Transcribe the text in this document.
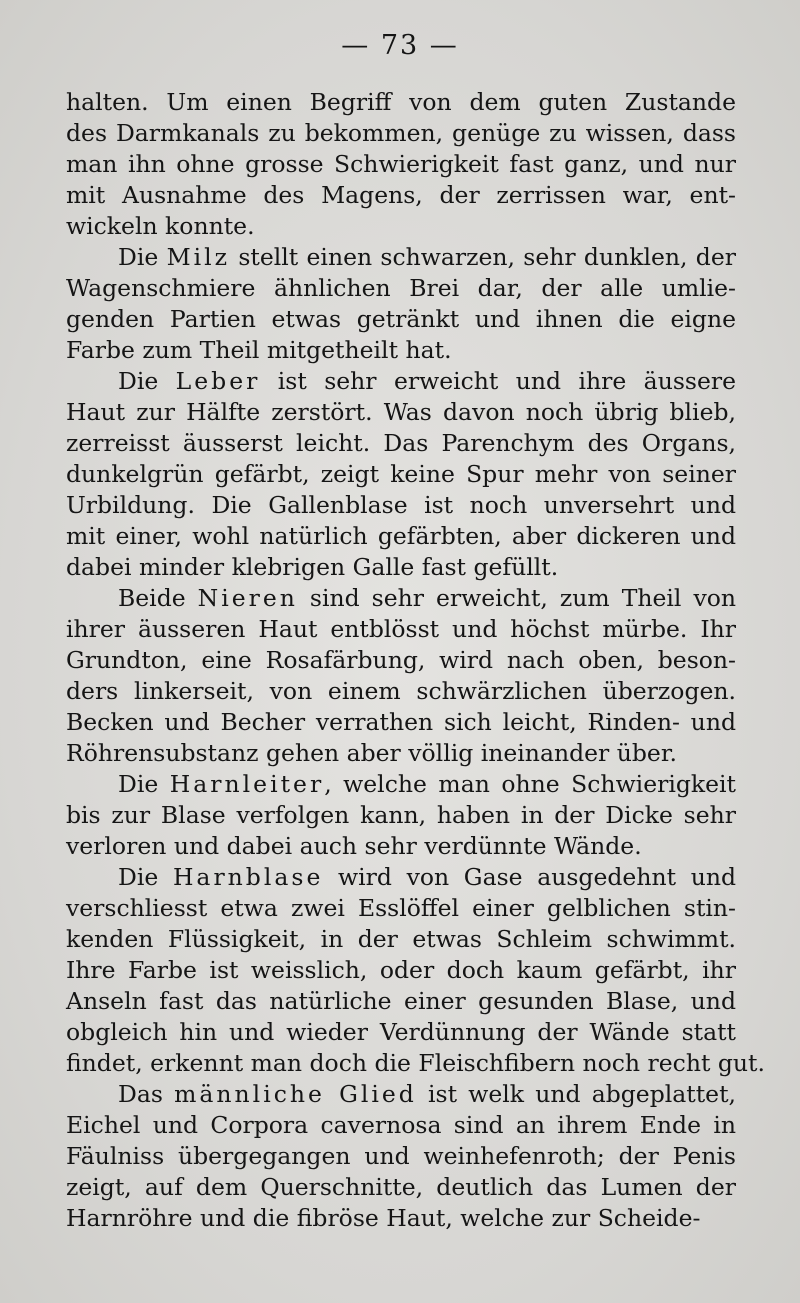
— 73 —
halten. Um einen Begriff von dem guten Zustande
des Darmkanals zu bekommen, genüge zu wissen, dass
man ihn ohne grosse Schwierigkeit fast ganz, und nur
mit Ausnahme des Magens, der zerrissen war, ent-
wickeln konnte.
Die Milz stellt einen schwarzen, sehr dunklen, der
Wagenschmiere ähnlichen Brei dar, der alle umlie-
genden Partien etwas getränkt und ihnen die eigne
Farbe zum Theil mitgetheilt hat.
Die Leber ist sehr erweicht und ihre äussere
Haut zur Hälfte zerstört. Was davon noch übrig blieb,
zerreisst äusserst leicht. Das Parenchym des Organs,
dunkelgrün gefärbt, zeigt keine Spur mehr von seiner
Urbildung. Die Gallenblase ist noch unversehrt und
mit einer, wohl natürlich gefärbten, aber dickeren und
dabei minder klebrigen Galle fast gefüllt.
Beide Nieren sind sehr erweicht, zum Theil von
ihrer äusseren Haut entblösst und höchst mürbe. Ihr
Grundton, eine Rosafärbung, wird nach oben, beson-
ders linkerseit, von einem schwärzlichen überzogen.
Becken und Becher verrathen sich leicht, Rinden- und
Röhrensubstanz gehen aber völlig ineinander über.
Die Harnleiter, welche man ohne Schwierigkeit
bis zur Blase verfolgen kann, haben in der Dicke sehr
verloren und dabei auch sehr verdünnte Wände.
Die Harnblase wird von Gase ausgedehnt und
verschliesst etwa zwei Esslöffel einer gelblichen stin-
kenden Flüssigkeit, in der etwas Schleim schwimmt.
Ihre Farbe ist weisslich, oder doch kaum gefärbt, ihr
Anseln fast das natürliche einer gesunden Blase, und
obgleich hin und wieder Verdünnung der Wände statt
findet, erkennt man doch die Fleischfibern noch recht gut.
Das männliche Glied ist welk und abgeplattet,
Eichel und Corpora cavernosa sind an ihrem Ende in
Fäulniss übergegangen und weinhefenroth; der Penis
zeigt, auf dem Querschnitte, deutlich das Lumen der
Harnröhre und die fibröse Haut, welche zur Scheide-
